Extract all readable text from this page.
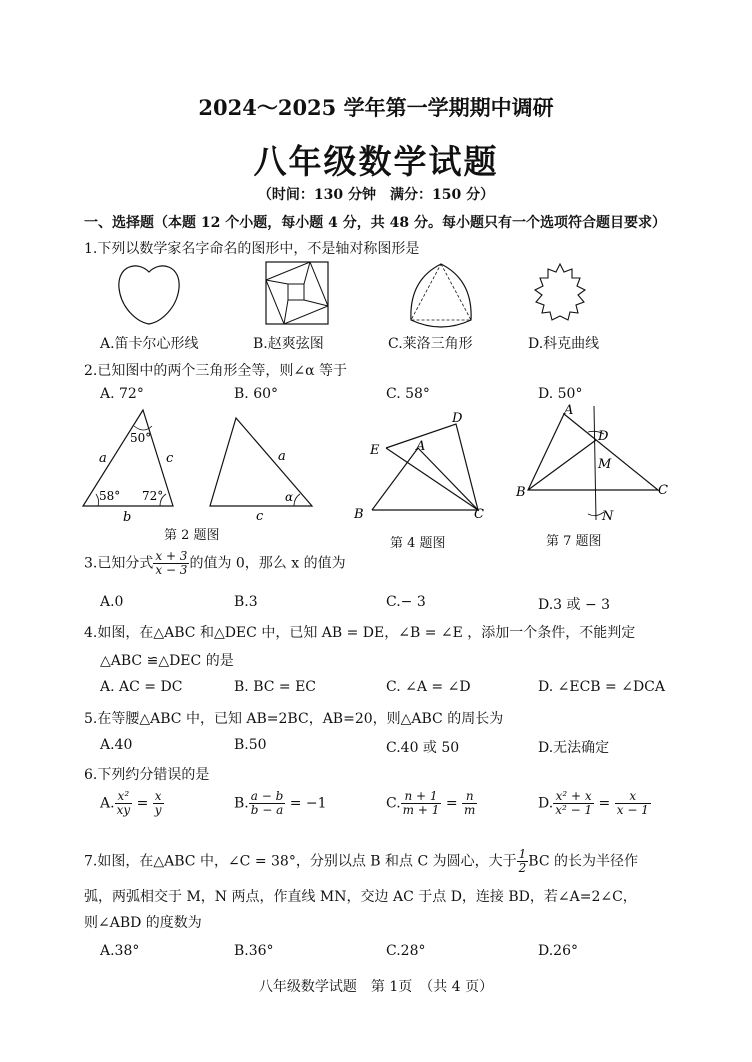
2024～2025 学年第一学期期中调研
八年级数学试题
（时间：130 分钟　满分：150 分）
一、选择题（本题 12 个小题，每小题 4 分，共 48 分。每小题只有一个选项符合题目要求）
1.下列以数学家名字命名的图形中，不是轴对称图形是
A.笛卡尔心形线	B.赵爽弦图	C.莱洛三角形	D.科克曲线
2.已知图中的两个三角形全等，则∠α 等于
A. 72°	B. 60°	C. 58°	D. 50°
50°
58° 72°
a	c
b
α
a
c
第 2 题图
D
A
E
B	C
第 4 题图
A
D
M
B	C
N
第 7 题图
3.已知分式 $\frac{x + 3}{x - 3}$ 的值为 0，那么 x 的值为
A.0	B.3	C.− 3	D.3 或 − 3
4.如图，在△ABC 和△DEC 中，已知 AB = DE，∠B = ∠E ，添加一个条件，不能判定
△ABC ≌△DEC 的是
A. AC = DC	B. BC = EC	C. ∠A = ∠D	D. ∠ECB = ∠DCA
5.在等腰△ABC 中，已知 AB=2BC，AB=20，则△ABC 的周长为
A.40	B.50	C.40 或 50	D.无法确定
6.下列约分错误的是
A. $\frac{\text{x²}}{xy} = \frac{x}{y}$	B. $\frac{a - b}{b - a} = -1$	C. $\frac{n + 1}{m + 1} = \frac{n}{m}$	D. $\frac{\text{x² + x}}{\text{x² − 1}} = \frac{x}{x - 1}$
7.如图，在△ABC 中，∠C = 38°，分别以点 B 和点 C 为圆心，大于 $\frac{1}{2}$ BC 的长为半径作
弧，两弧相交于 M，N 两点，作直线 MN，交边 AC 于点 D，连接 BD，若∠A=2∠C，
则∠ABD 的度数为
A.38°	B.36°	C.28°	D.26°
八年级数学试题　第 1页　（共 4 页）
